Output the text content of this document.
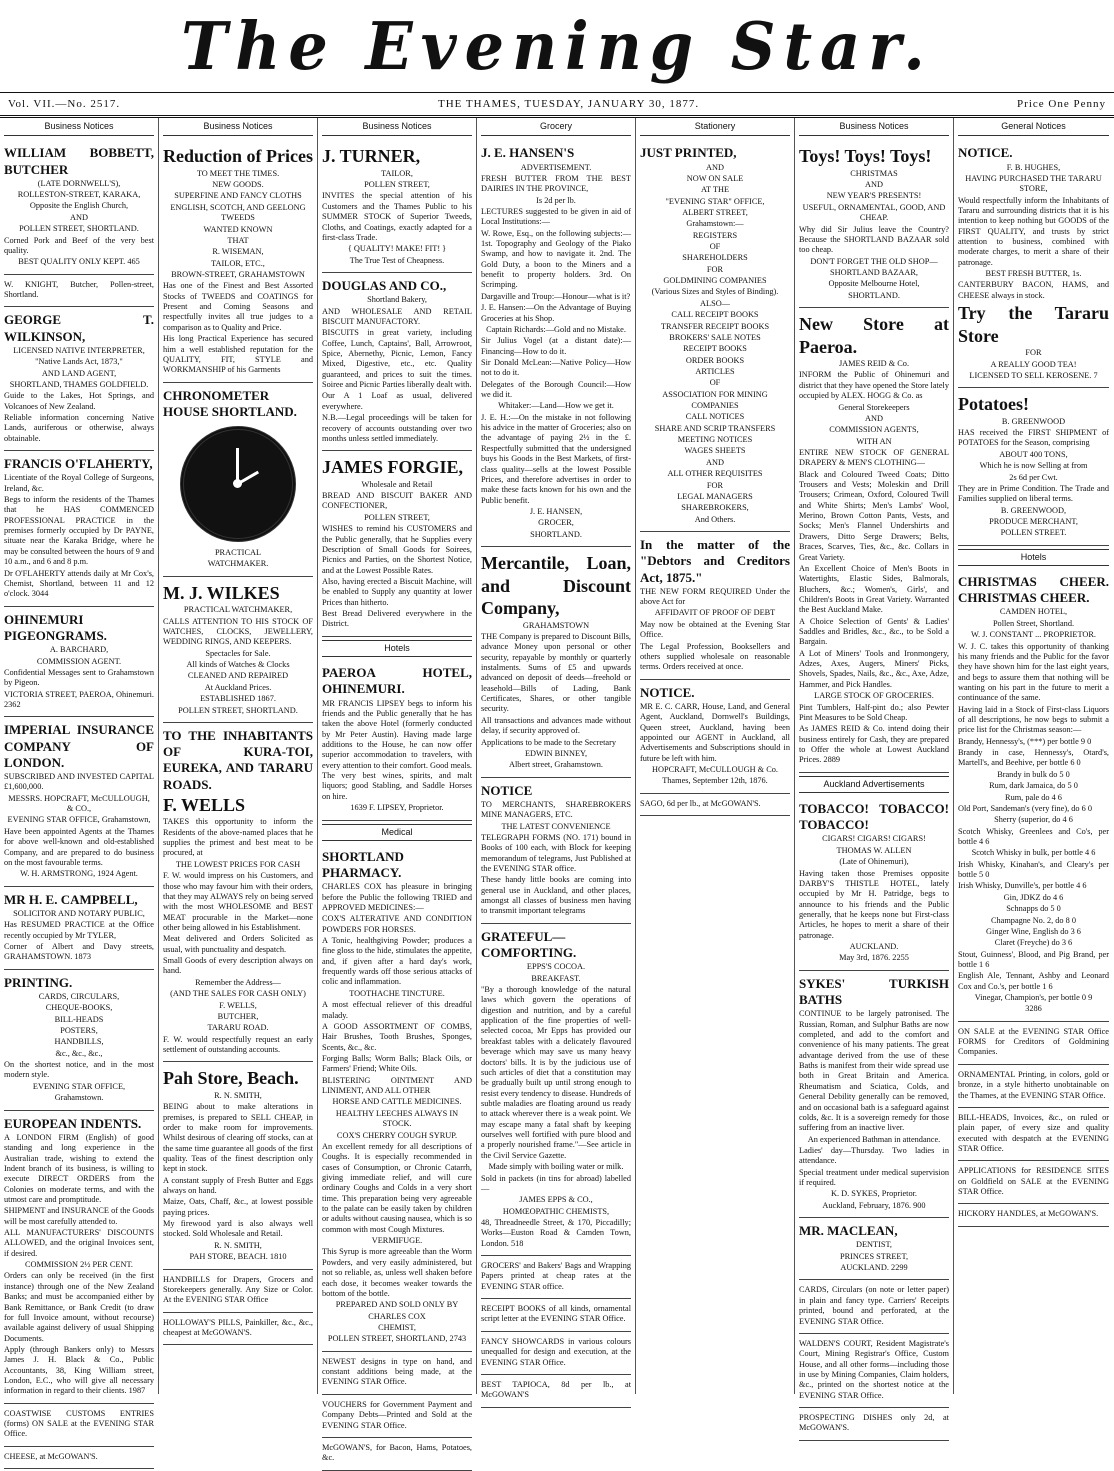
The Evening Star.
Vol. VII.—No. 2517.	THE THAMES, TUESDAY, JANUARY 30, 1877.	Price One Penny
Business Notices

WILLIAM BOBBETT, BUTCHER

(LATE DORNWELL'S),

ROLLESTON-STREET, KARAKA,

Opposite the English Church,

AND

POLLEN STREET, SHORTLAND.

Corned Pork and Beef of the very best quality.

BEST QUALITY ONLY KEPT. 465

W. KNIGHT, Butcher, Pollen-street, Shortland.

GEORGE T. WILKINSON,

LICENSED NATIVE INTERPRETER,

"Native Lands Act, 1873,"

AND LAND AGENT,

SHORTLAND, THAMES GOLDFIELD.

Guide to the Lakes, Hot Springs, and Volcanoes of New Zealand.

Reliable information concerning Native Lands, auriferous or otherwise, always obtainable.

FRANCIS O'FLAHERTY,

Licentiate of the Royal College of Surgeons, Ireland, &c.

Begs to inform the residents of the Thames that he HAS COMMENCED PROFESSIONAL PRACTICE in the premises formerly occupied by Dr PAYNE, situate near the Karaka Bridge, where he may be consulted between the hours of 9 and 10 a.m., and 6 and 8 p.m.

Dr O'FLAHERTY attends daily at Mr Cox's, Chemist, Shortland, between 11 and 12 o'clock. 3044

OHINEMURI PIGEONGRAMS.

A. BARCHARD,

COMMISSION AGENT.

Confidential Messages sent to Grahamstown by Pigeon.

VICTORIA STREET, PAEROA, Ohinemuri. 2362

IMPERIAL INSURANCE COMPANY OF LONDON.

SUBSCRIBED AND INVESTED CAPITAL £1,600,000.

MESSRS. HOPCRAFT, McCULLOUGH, & CO.,

EVENING STAR OFFICE, Grahamstown,

Have been appointed Agents at the Thames for above well-known and old-established Company, and are prepared to do business on the most favourable terms.

W. H. ARMSTRONG, 1924 Agent.

MR H. E. CAMPBELL,

SOLICITOR AND NOTARY PUBLIC,

Has RESUMED PRACTICE at the Office recently occupied by Mr TYLER,

Corner of Albert and Davy streets, GRAHAMSTOWN. 1873

PRINTING.

CARDS, CIRCULARS,

CHEQUE-BOOKS,

BILL-HEADS

POSTERS,

HANDBILLS,

&c., &c., &c.,

On the shortest notice, and in the most modern style.

EVENING STAR OFFICE,

Grahamstown.

EUROPEAN INDENTS.

A LONDON FIRM (English) of good standing and long experience in the Australian trade, wishing to extend the Indent branch of its business, is willing to execute DIRECT ORDERS from the Colonies on moderate terms, and with the utmost care and promptitude.

SHIPMENT and INSURANCE of the Goods will be most carefully attended to.

ALL MANUFACTURERS' DISCOUNTS ALLOWED, and the original Invoices sent, if desired.

COMMISSION 2½ PER CENT.

Orders can only be received (in the first instance) through one of the New Zealand Banks; and must be accompanied either by Bank Remittance, or Bank Credit (to draw for full Invoice amount, without recourse) available against delivery of usual Shipping Documents.

Apply (through Bankers only) to Messrs James J. H. Black & Co., Public Accountants, 38, King William street, London, E.C., who will give all necessary information in regard to their clients. 1987

COASTWISE CUSTOMS ENTRIES (forms) ON SALE at the EVENING STAR Office.

CHEESE, at McGOWAN'S.

Business Notices

Reduction of Prices

TO MEET THE TIMES.

NEW GOODS.

SUPERFINE AND FANCY CLOTHS

ENGLISH, SCOTCH, AND GEELONG TWEEDS

WANTED KNOWN

THAT

R. WISEMAN,

TAILOR, ETC.,

BROWN-STREET, GRAHAMSTOWN

Has one of the Finest and Best Assorted Stocks of TWEEDS and COATINGS for Present and Coming Seasons and respectfully invites all true judges to a comparison as to Quality and Price.

His long Practical Experience has secured him a well established reputation for the QUALITY, FIT, STYLE and WORKMANSHIP of his Garments

CHRONOMETER HOUSE SHORTLAND.

PRACTICAL

WATCHMAKER.

M. J. WILKES

PRACTICAL WATCHMAKER,

CALLS ATTENTION TO HIS STOCK OF WATCHES, CLOCKS, JEWELLERY, WEDDING RINGS, AND KEEPERS.

Spectacles for Sale.

All kinds of Watches & Clocks

CLEANED AND REPAIRED

At Auckland Prices.

ESTABLISHED 1867.

POLLEN STREET, SHORTLAND.

TO THE INHABITANTS OF KURA-TOI, EUREKA, AND TARARU ROADS.

F. WELLS

TAKES this opportunity to inform the Residents of the above-named places that he supplies the primest and best meat to be procured, at

THE LOWEST PRICES FOR CASH

F. W. would impress on his Customers, and those who may favour him with their orders, that they may ALWAYS rely on being served with the most WHOLESOME and BEST MEAT procurable in the Market—none other being allowed in his Establishment.

Meat delivered and Orders Solicited as usual, with punctuality and despatch.

Small Goods of every description always on hand.

Remember the Address—

(AND THE SALES FOR CASH ONLY)

F. WELLS,

BUTCHER,

TARARU ROAD.

F. W. would respectfully request an early settlement of outstanding accounts.

Pah Store, Beach.

R. N. SMITH,

BEING about to make alterations in premises, is prepared to SELL CHEAP, in order to make room for improvements. Whilst desirous of clearing off stocks, can at the same time guarantee all goods of the first quality. Teas of the finest description only kept in stock.

A constant supply of Fresh Butter and Eggs always on hand.

Maize, Oats, Chaff, &c., at lowest possible paying prices.

My firewood yard is also always well stocked. Sold Wholesale and Retail.

R. N. SMITH,

PAH STORE, BEACH. 1810

HANDBILLS for Drapers, Grocers and Storekeepers generally. Any Size or Color. At the EVENING STAR Office

HOLLOWAY'S PILLS, Painkiller, &c., &c., cheapest at McGOWAN'S.

Business Notices

J. TURNER,

TAILOR,

POLLEN STREET,

INVITES the special attention of his Customers and the Thames Public to his SUMMER STOCK of Superior Tweeds, Cloths, and Coatings, exactly adapted for a first-class Trade.

{ QUALITY! MAKE! FIT! }

The True Test of Cheapness.

DOUGLAS AND CO.,

Shortland Bakery,

AND WHOLESALE AND RETAIL BISCUIT MANUFACTORY.

BISCUITS in great variety, including Coffee, Lunch, Captains', Ball, Arrowroot, Spice, Abernethy, Picnic, Lemon, Fancy Mixed, Digestive, etc., etc. Quality guaranteed, and prices to suit the times. Soiree and Picnic Parties liberally dealt with.

Our A 1 Loaf as usual, delivered everywhere.

N.B.—Legal proceedings will be taken for recovery of accounts outstanding over two months unless settled immediately.

JAMES FORGIE,

Wholesale and Retail

BREAD AND BISCUIT BAKER AND CONFECTIONER,

POLLEN STREET,

WISHES to remind his CUSTOMERS and the Public generally, that he Supplies every Description of Small Goods for Soirees, Picnics and Parties, on the Shortest Notice, and at the Lowest Possible Rates.

Also, having erected a Biscuit Machine, will be enabled to Supply any quantity at lower Prices than hitherto.

Best Bread Delivered everywhere in the District.

Hotels

PAEROA HOTEL, OHINEMURI.

MR FRANCIS LIPSEY begs to inform his friends and the Public generally that he has taken the above Hotel (formerly conducted by Mr Peter Austin). Having made large additions to the House, he can now offer superior accommodation to travelers, with every attention to their comfort. Good meals. The very best wines, spirits, and malt liquors; good Stabling, and Saddle Horses on hire.

1639 F. LIPSEY, Proprietor.

Medical

SHORTLAND PHARMACY.

CHARLES COX has pleasure in bringing before the Public the following TRIED and APPROVED MEDICINES:—

COX'S ALTERATIVE AND CONDITION POWDERS FOR HORSES.

A Tonic, healthgiving Powder; produces a fine gloss to the hide, stimulates the appetite, and, if given after a hard day's work, frequently wards off those serious attacks of colic and inflammation.

TOOTHACHE TINCTURE.

A most effectual reliever of this dreadful malady.

A GOOD ASSORTMENT OF COMBS, Hair Brushes, Tooth Brushes, Sponges, Scents, &c., &c.

Forging Balls; Worm Balls; Black Oils, or Farmers' Friend; White Oils.

BLISTERING OINTMENT AND LINIMENT, AND ALL OTHER

HORSE AND CATTLE MEDICINES.

HEALTHY LEECHES ALWAYS IN STOCK.

COX'S CHERRY COUGH SYRUP.

An excellent remedy for all descriptions of Coughs. It is especially recommended in cases of Consumption, or Chronic Catarrh, giving immediate relief, and will cure ordinary Coughs and Colds in a very short time. This preparation being very agreeable to the palate can be easily taken by children or adults without causing nausea, which is so common with most Cough Mixtures.

VERMIFUGE.

This Syrup is more agreeable than the Worm Powders, and very easily administered, but not so reliable, as, unless well shaken before each dose, it becomes weaker towards the bottom of the bottle.

PREPARED AND SOLD ONLY BY

CHARLES COX

CHEMIST,

POLLEN STREET, SHORTLAND, 2743

NEWEST designs in type on hand, and constant additions being made, at the EVENING STAR Office.

VOUCHERS for Government Payment and Company Debts—Printed and Sold at the EVENING STAR Office.

McGOWAN'S, for Bacon, Hams, Potatoes, &c.

Grocery

J. E. HANSEN'S

ADVERTISEMENT.

FRESH BUTTER FROM THE BEST DAIRIES IN THE PROVINCE,

Is 2d per lb.

LECTURES suggested to be given in aid of Local Institutions:—

W. Rowe, Esq., on the following subjects:—1st. Topography and Geology of the Piako Swamp, and how to navigate it. 2nd. The Gold Duty, a boon to the Miners and a benefit to property holders. 3rd. On Scrimping.

Dargaville and Troup:—Honour—what is it?

J. E. Hansen:—On the Advantage of Buying Groceries at his Shop.

Captain Richards:—Gold and no Mistake.

Sir Julius Vogel (at a distant date):—Financing—How to do it.

Sir Donald McLean:—Native Policy—How not to do it.

Delegates of the Borough Council:—How we did it.

Whitaker:—Land—How we get it.

J. E. H.:—On the mistake in not following his advice in the matter of Groceries; also on the advantage of paying 2½ in the £. Respectfully submitted that the undersigned buys his Goods in the Best Markets, of first-class quality—sells at the lowest Possible Prices, and therefore advertises in order to make these facts known for his own and the Public benefit.

J. E. HANSEN,

GROCER,

SHORTLAND.

Mercantile, Loan, and Discount Company,

GRAHAMSTOWN

THE Company is prepared to Discount Bills, advance Money upon personal or other security, repayable by monthly or quarterly instalments. Sums of £5 and upwards advanced on deposit of deeds—freehold or leasehold—Bills of Lading, Bank Certificates, Shares, or other tangible security.

All transactions and advances made without delay, if security approved of.

Applications to be made to the Secretary

EDWIN BINNEY,

Albert street, Grahamstown.

NOTICE

TO MERCHANTS, SHAREBROKERS MINE MANAGERS, ETC.

THE LATEST CONVENIENCE

TELEGRAPH FORMS (NO. 171) bound in Books of 100 each, with Block for keeping memorandum of telegrams, Just Published at the EVENING STAR office.

These handy little books are coming into general use in Auckland, and other places, amongst all classes of business men having to transmit important telegrams

GRATEFUL—COMFORTING.

EPPS'S COCOA.

BREAKFAST.

"By a thorough knowledge of the natural laws which govern the operations of digestion and nutrition, and by a careful application of the fine properties of well-selected cocoa, Mr Epps has provided our breakfast tables with a delicately flavoured beverage which may save us many heavy doctors' bills. It is by the judicious use of such articles of diet that a constitution may be gradually built up until strong enough to resist every tendency to disease. Hundreds of subtle maladies are floating around us ready to attack wherever there is a weak point. We may escape many a fatal shaft by keeping ourselves well fortified with pure blood and a properly nourished frame."—See article in the Civil Service Gazette.

Made simply with boiling water or milk.

Sold in packets (in tins for abroad) labelled—

JAMES EPPS & CO.,

HOMŒOPATHIC CHEMISTS,

48, Threadneedle Street, & 170, Piccadilly; Works—Euston Road & Camden Town, London. 518

GROCERS' and Bakers' Bags and Wrapping Papers printed at cheap rates at the EVENING STAR office.

RECEIPT BOOKS of all kinds, ornamental script letter at the EVENING STAR Office.

FANCY SHOWCARDS in various colours unequalled for design and execution, at the EVENING STAR Office.

BEST TAPIOCA, 8d per lb., at McGOWAN'S

Stationery

JUST PRINTED,

AND

NOW ON SALE

AT THE

"EVENING STAR" OFFICE,

ALBERT STREET,

Grahamstown:—

REGISTERS

OF

SHAREHOLDERS

FOR

GOLDMINING COMPANIES

(Various Sizes and Styles of Binding).

ALSO—

CALL RECEIPT BOOKS

TRANSFER RECEIPT BOOKS

BROKERS' SALE NOTES

RECEIPT BOOKS

ORDER BOOKS

ARTICLES

OF

ASSOCIATION FOR MINING

COMPANIES

CALL NOTICES

SHARE AND SCRIP TRANSFERS

MEETING NOTICES

WAGES SHEETS

AND

ALL OTHER REQUISITES

FOR

LEGAL MANAGERS

SHAREBROKERS,

And Others.

In the matter of the "Debtors and Creditors Act, 1875."

THE NEW FORM REQUIRED Under the above Act for

AFFIDAVIT OF PROOF OF DEBT

May now be obtained at the Evening Star Office.

The Legal Profession, Booksellers and others supplied wholesale on reasonable terms. Orders received at once.

NOTICE.

MR E. C. CARR, House, Land, and General Agent, Auckland, Dornwell's Buildings, Queen street, Auckland, having been appointed our AGENT in Auckland, all Advertisements and Subscriptions should in future be left with him.

HOPCRAFT, McCULLOUGH & Co.

Thames, September 12th, 1876.

SAGO, 6d per lb., at McGOWAN'S.

Business Notices

Toys! Toys! Toys!

CHRISTMAS

AND

NEW YEAR'S PRESENTS!

USEFUL, ORNAMENTAL, GOOD, AND CHEAP.

Why did Sir Julius leave the Country? Because the SHORTLAND BAZAAR sold too cheap.

DON'T FORGET THE OLD SHOP—

SHORTLAND BAZAAR,

Opposite Melbourne Hotel,

SHORTLAND.

New Store at Paeroa.

JAMES REID & Co.

INFORM the Public of Ohinemuri and district that they have opened the Store lately occupied by ALEX. HOGG & Co. as

General Storekeepers

AND

COMMISSION AGENTS,

WITH AN

ENTIRE NEW STOCK OF GENERAL DRAPERY & MEN'S CLOTHING—

Black and Coloured Tweed Coats; Ditto Trousers and Vests; Moleskin and Drill Trousers; Crimean, Oxford, Coloured Twill and White Shirts; Men's Lambs' Wool, Merino, Brown Cotton Pants, Vests, and Socks; Men's Flannel Undershirts and Drawers, Ditto Serge Drawers; Belts, Braces, Scarves, Ties, &c., &c. Collars in Great Variety.

An Excellent Choice of Men's Boots in Watertights, Elastic Sides, Balmorals, Bluchers, &c.; Women's, Girls', and Children's Boots in Great Variety. Warranted the Best Auckland Make.

A Choice Selection of Gents' & Ladies' Saddles and Bridles, &c., &c., to be Sold a Bargain.

A Lot of Miners' Tools and Ironmongery, Adzes, Axes, Augers, Miners' Picks, Shovels, Spades, Nails, &c., &c., Axe, Adze, Hammer, and Pick Handles.

LARGE STOCK OF GROCERIES.

Pint Tumblers, Half-pint do.; also Pewter Pint Measures to be Sold Cheap.

As JAMES REID & Co. intend doing their business entirely for Cash, they are prepared to Offer the whole at Lowest Auckland Prices. 2889

Auckland Advertisements

TOBACCO! TOBACCO! TOBACCO!

CIGARS! CIGARS! CIGARS!

THOMAS W. ALLEN

(Late of Ohinemuri),

Having taken those Premises opposite DARBY'S THISTLE HOTEL, lately occupied by Mr H. Patridge, begs to announce to his friends and the Public generally, that he keeps none but First-class Articles, he hopes to merit a share of their patronage.

AUCKLAND.

May 3rd, 1876. 2255

SYKES' TURKISH BATHS

CONTINUE to be largely patronised. The Russian, Roman, and Sulphur Baths are now completed, and add to the comfort and convenience of his many patients. The great advantage derived from the use of these Baths is manifest from their wide spread use both in Great Britain and America. Rheumatism and Sciatica, Colds, and General Debility generally can be removed, and on occasional bath is a safeguard against colds, &c. It is a sovereign remedy for those suffering from an inactive liver.

An experienced Bathman in attendance.

Ladies' day—Thursday. Two ladies in attendance.

Special treatment under medical supervision if required.

K. D. SYKES, Proprietor.

Auckland, February, 1876. 900

MR. MACLEAN,

DENTIST,

PRINCES STREET,

AUCKLAND. 2299

CARDS, Circulars (on note or letter paper) in plain and fancy type. Carriers' Receipts printed, bound and perforated, at the EVENING STAR Office.

WALDEN'S COURT, Resident Magistrate's Court, Mining Registrar's Office, Custom House, and all other forms—including those in use by Mining Companies, Claim holders, &c., printed on the shortest notice at the EVENING STAR Office.

PROSPECTING DISHES only 2d, at McGOWAN'S.

General Notices

NOTICE.

F. B. HUGHES,

HAVING PURCHASED THE TARARU STORE,

Would respectfully inform the Inhabitants of Tararu and surrounding districts that it is his intention to keep nothing but GOODS of the FIRST QUALITY, and trusts by strict attention to business, combined with moderate charges, to merit a share of their patronage.

BEST FRESH BUTTER, 1s.

CANTERBURY BACON, HAMS, and CHEESE always in stock.

Try the Tararu Store

FOR

A REALLY GOOD TEA!

LICENSED TO SELL KEROSENE. 7

Potatoes!

B. GREENWOOD

HAS received the FIRST SHIPMENT of POTATOES for the Season, comprising

ABOUT 400 TONS,

Which he is now Selling at from

2s 6d per Cwt.

They are in Prime Condition. The Trade and Families supplied on liberal terms.

B. GREENWOOD,

PRODUCE MERCHANT,

POLLEN STREET.

Hotels

CHRISTMAS CHEER. CHRISTMAS CHEER.

CAMDEN HOTEL,

Pollen Street, Shortland.

W. J. CONSTANT ... PROPRIETOR.

W. J. C. takes this opportunity of thanking his many friends and the Public for the favor they have shown him for the last eight years, and begs to assure them that nothing will be wanting on his part in the future to merit a continuance of the same.

Having laid in a Stock of First-class Liquors of all descriptions, he now begs to submit a price list for the Christmas season:—

Brandy, Hennessy's, (***) per bottle 9 0

Brandy in case, Hennessy's, Otard's, Martell's, and Beehive, per bottle 6 0

Brandy in bulk do 5 0

Rum, dark Jamaica, do 5 0

Rum, pale do 4 6

Old Port, Sandeman's (very fine), do 6 0

Sherry (superior, do 4 6

Scotch Whisky, Greenlees and Co's, per bottle 4 6

Scotch Whisky in bulk, per bottle 4 6

Irish Whisky, Kinahan's, and Cleary's per bottle 5 0

Irish Whisky, Dunville's, per bottle 4 6

Gin, JDKZ do 4 6

Schnapps do 5 0

Champagne No. 2, do 8 0

Ginger Wine, English do 3 6

Claret (Freyche) do 3 6

Stout, Guinness', Blood, and Pig Brand, per bottle 1 6

English Ale, Tennant, Ashby and Leonard Cox and Co.'s, per bottle 1 6

Vinegar, Champion's, per bottle 0 9

3286

ON SALE at the EVENING STAR Office FORMS for Creditors of Goldmining Companies.

ORNAMENTAL Printing, in colors, gold or bronze, in a style hitherto unobtainable on the Thames, at the EVENING STAR Office.

BILL-HEADS, Invoices, &c., on ruled or plain paper, of every size and quality executed with despatch at the EVENING STAR Office.

APPLICATIONS for RESIDENCE SITES on Goldfield on SALE at the EVENING STAR Office.

HICKORY HANDLES, at McGOWAN'S.
